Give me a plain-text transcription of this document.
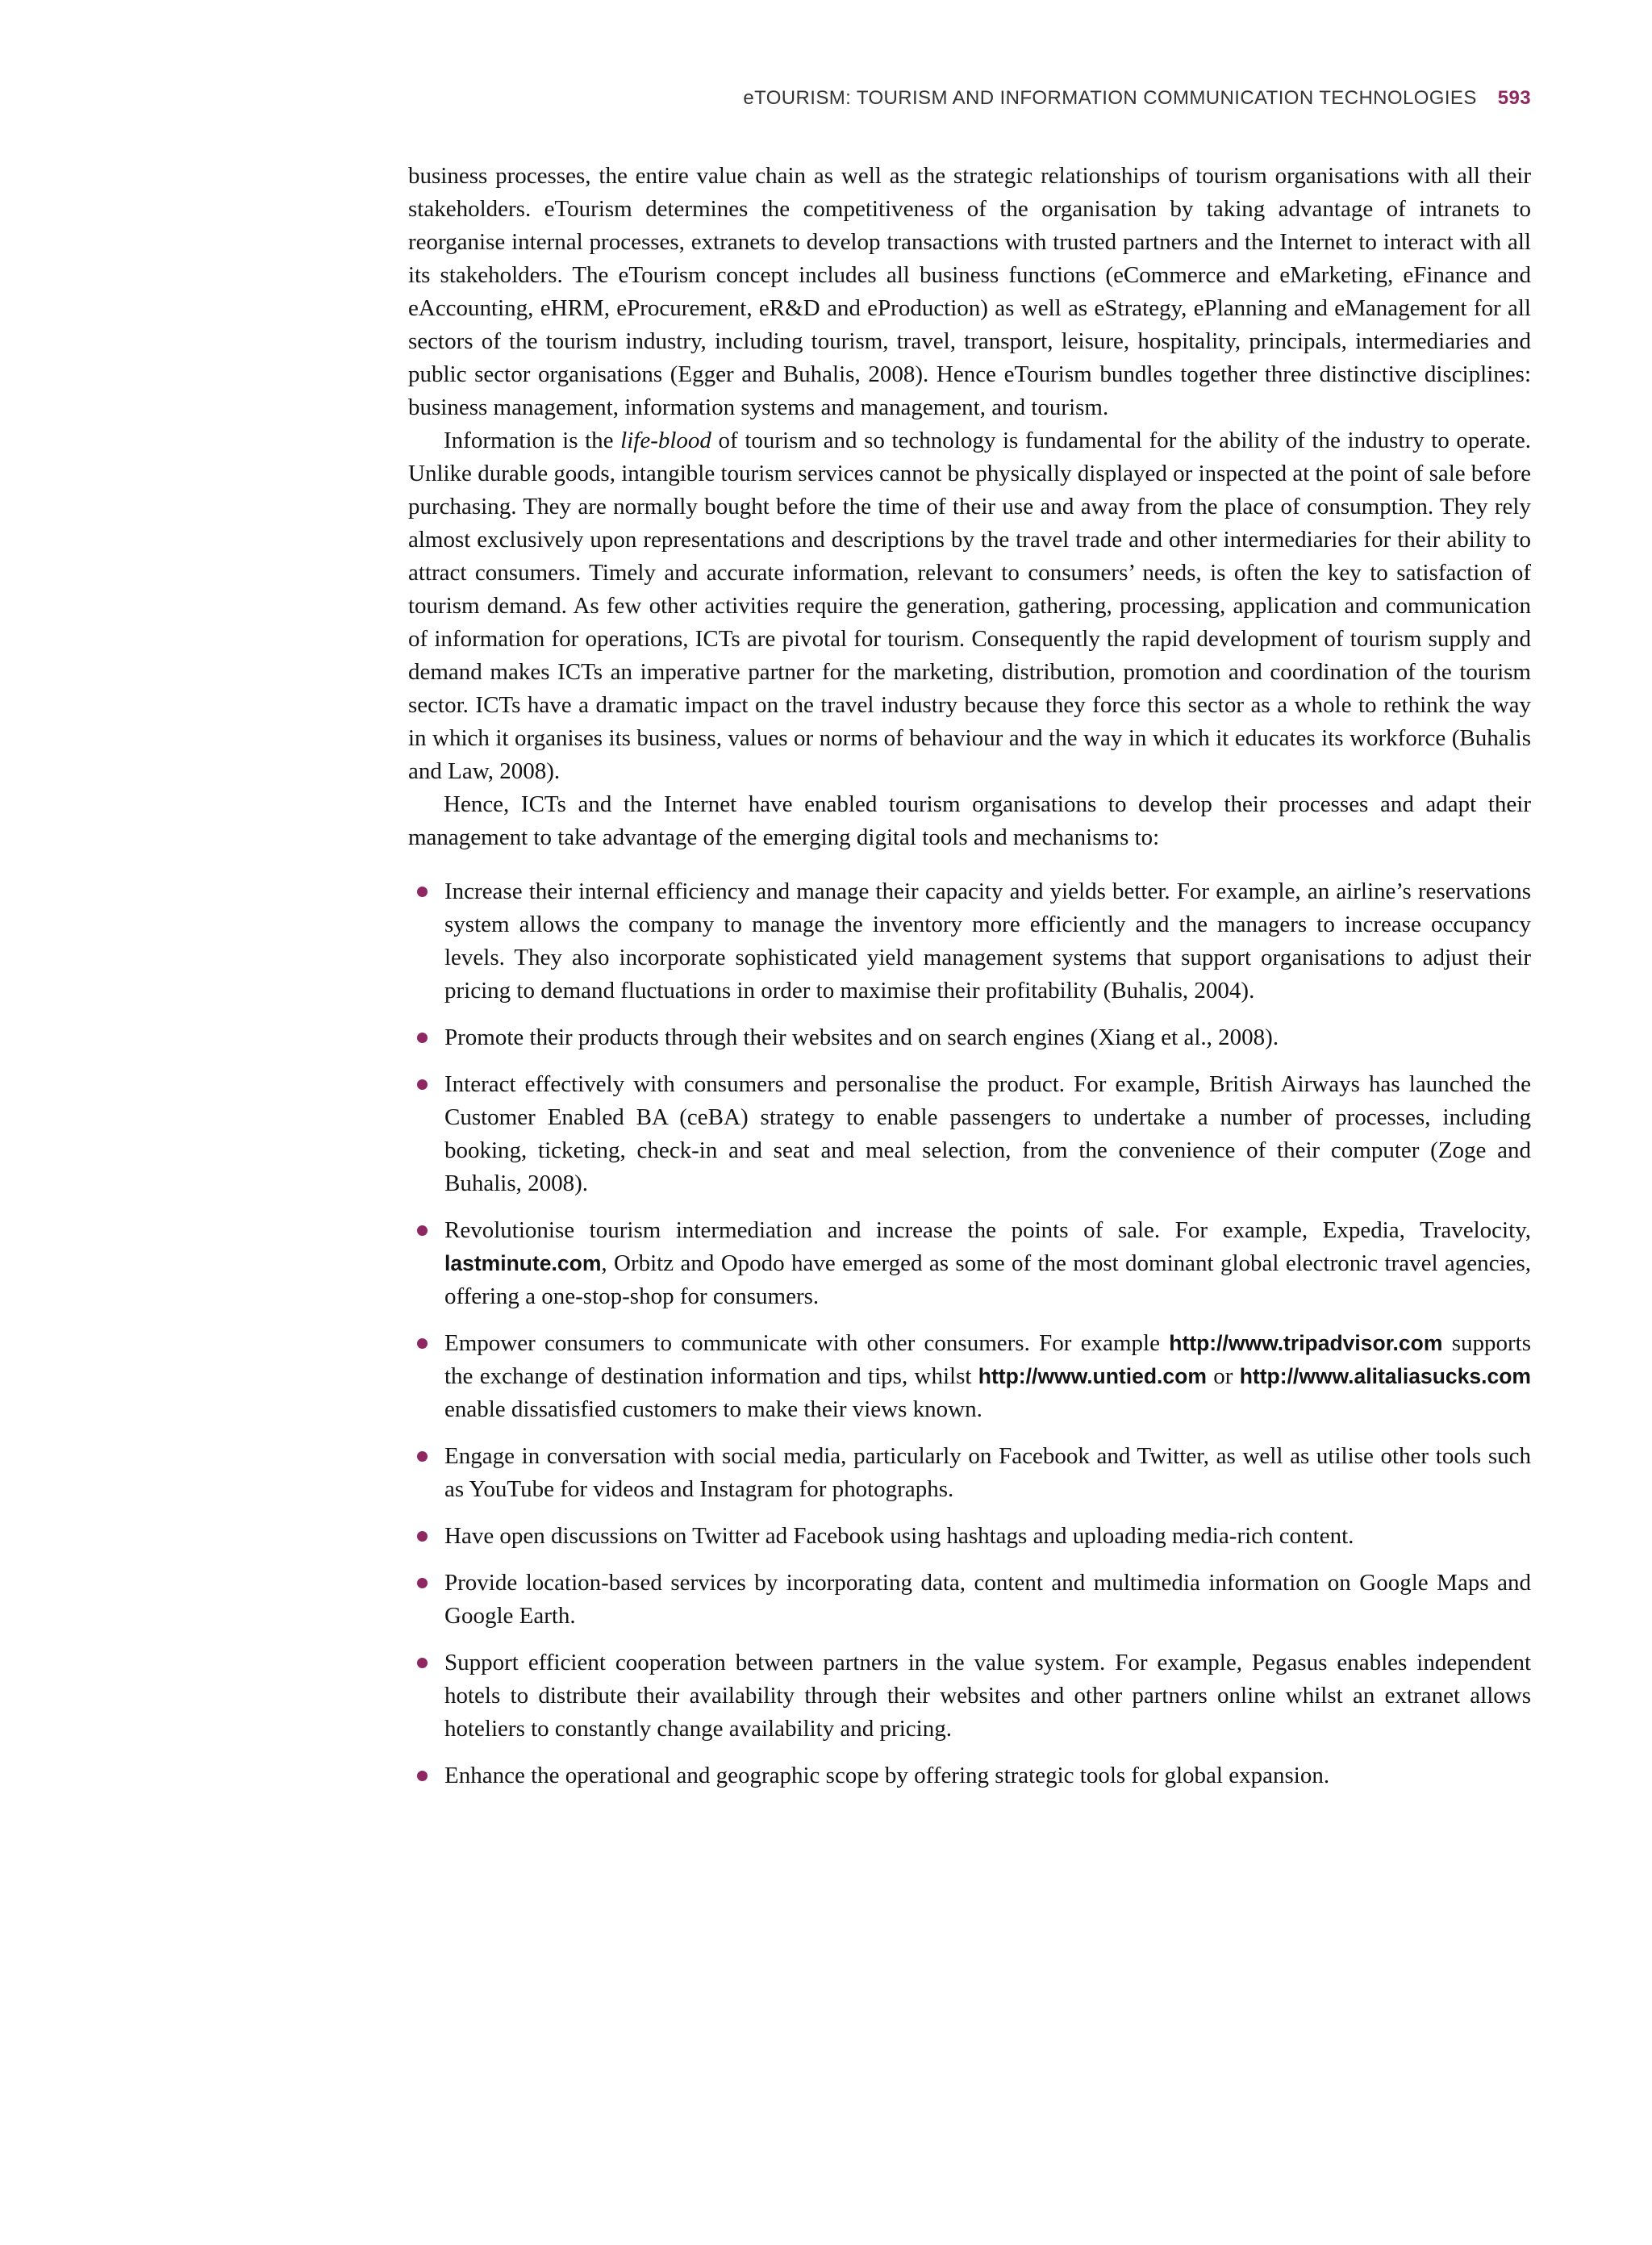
eTOURISM: TOURISM AND INFORMATION COMMUNICATION TECHNOLOGIES 593

business processes, the entire value chain as well as the strategic relationships of tourism organisations with all their stakeholders. eTourism determines the competitiveness of the organisation by taking advantage of intranets to reorganise internal processes, extranets to develop transactions with trusted partners and the Internet to interact with all its stakeholders. The eTourism concept includes all business functions (eCommerce and eMarketing, eFinance and eAccounting, eHRM, eProcurement, eR&D and eProduction) as well as eStrategy, ePlanning and eManagement for all sectors of the tourism industry, including tourism, travel, transport, leisure, hospitality, principals, intermediaries and public sector organisations (Egger and Buhalis, 2008). Hence eTourism bundles together three distinctive disciplines: business management, information systems and management, and tourism.

Information is the life-blood of tourism and so technology is fundamental for the ability of the industry to operate. Unlike durable goods, intangible tourism services cannot be physically displayed or inspected at the point of sale before purchasing. They are normally bought before the time of their use and away from the place of consumption. They rely almost exclusively upon representations and descriptions by the travel trade and other intermediaries for their ability to attract consumers. Timely and accurate information, relevant to consumers’ needs, is often the key to satisfaction of tourism demand. As few other activities require the generation, gathering, processing, application and communication of information for operations, ICTs are pivotal for tourism. Consequently the rapid development of tourism supply and demand makes ICTs an imperative partner for the marketing, distribution, promotion and coordination of the tourism sector. ICTs have a dramatic impact on the travel industry because they force this sector as a whole to rethink the way in which it organises its business, values or norms of behaviour and the way in which it educates its workforce (Buhalis and Law, 2008).

Hence, ICTs and the Internet have enabled tourism organisations to develop their processes and adapt their management to take advantage of the emerging digital tools and mechanisms to:

Increase their internal efficiency and manage their capacity and yields better. For example, an airline’s reservations system allows the company to manage the inventory more efficiently and the managers to increase occupancy levels. They also incorporate sophisticated yield management systems that support organisations to adjust their pricing to demand fluctuations in order to maximise their profitability (Buhalis, 2004).
Promote their products through their websites and on search engines (Xiang et al., 2008).
Interact effectively with consumers and personalise the product. For example, British Airways has launched the Customer Enabled BA (ceBA) strategy to enable passengers to undertake a number of processes, including booking, ticketing, check-in and seat and meal selection, from the convenience of their computer (Zoge and Buhalis, 2008).
Revolutionise tourism intermediation and increase the points of sale. For example, Expedia, Travelocity, lastminute.com, Orbitz and Opodo have emerged as some of the most dominant global electronic travel agencies, offering a one-stop-shop for consumers.
Empower consumers to communicate with other consumers. For example http://www.tripadvisor.com supports the exchange of destination information and tips, whilst http://www.untied.com or http://www.alitaliasucks.com enable dissatisfied customers to make their views known.
Engage in conversation with social media, particularly on Facebook and Twitter, as well as utilise other tools such as YouTube for videos and Instagram for photographs.
Have open discussions on Twitter ad Facebook using hashtags and uploading media-rich content.
Provide location-based services by incorporating data, content and multimedia information on Google Maps and Google Earth.
Support efficient cooperation between partners in the value system. For example, Pegasus enables independent hotels to distribute their availability through their websites and other partners online whilst an extranet allows hoteliers to constantly change availability and pricing.
Enhance the operational and geographic scope by offering strategic tools for global expansion.
